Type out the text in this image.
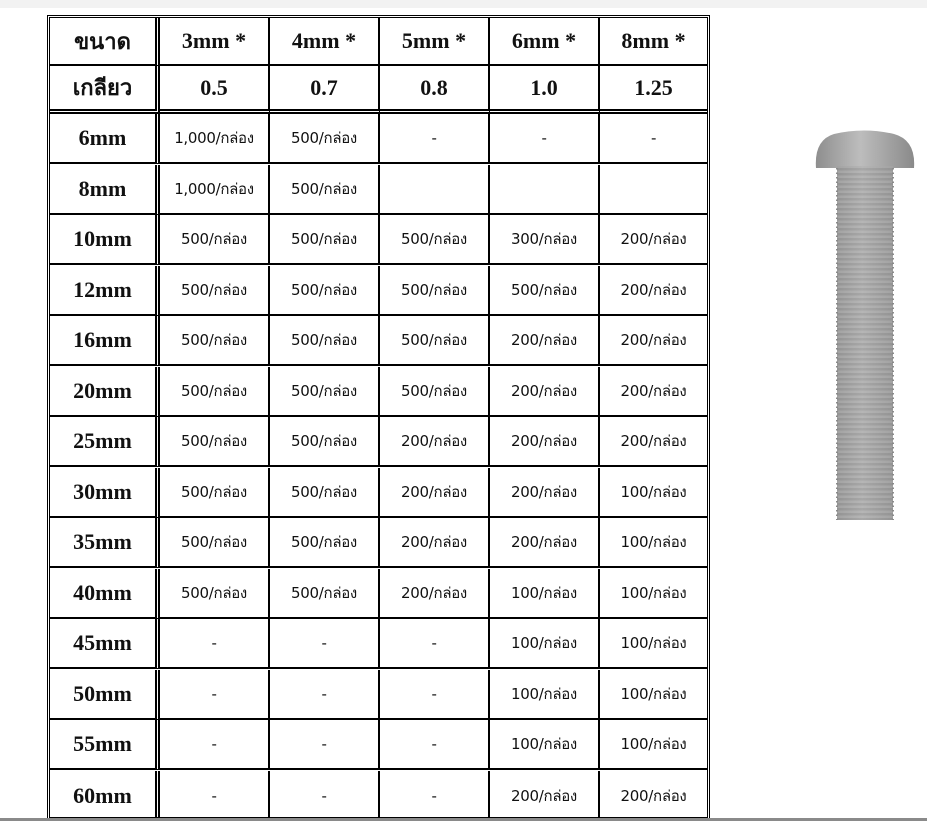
ขนาด	3mm *	4mm *	5mm *	6mm *	8mm *
เกลียว	0.5	0.7	0.8	1.0	1.25
6mm	1,000/กล่อง	500/กล่อง	-	-	-
8mm	1,000/กล่อง	500/กล่อง
10mm	500/กล่อง	500/กล่อง	500/กล่อง	300/กล่อง	200/กล่อง
12mm	500/กล่อง	500/กล่อง	500/กล่อง	500/กล่อง	200/กล่อง
16mm	500/กล่อง	500/กล่อง	500/กล่อง	200/กล่อง	200/กล่อง
20mm	500/กล่อง	500/กล่อง	500/กล่อง	200/กล่อง	200/กล่อง
25mm	500/กล่อง	500/กล่อง	200/กล่อง	200/กล่อง	200/กล่อง
30mm	500/กล่อง	500/กล่อง	200/กล่อง	200/กล่อง	100/กล่อง
35mm	500/กล่อง	500/กล่อง	200/กล่อง	200/กล่อง	100/กล่อง
40mm	500/กล่อง	500/กล่อง	200/กล่อง	100/กล่อง	100/กล่อง
45mm	-	-	-	100/กล่อง	100/กล่อง
50mm	-	-	-	100/กล่อง	100/กล่อง
55mm	-	-	-	100/กล่อง	100/กล่อง
60mm	-	-	-	200/กล่อง	200/กล่อง
